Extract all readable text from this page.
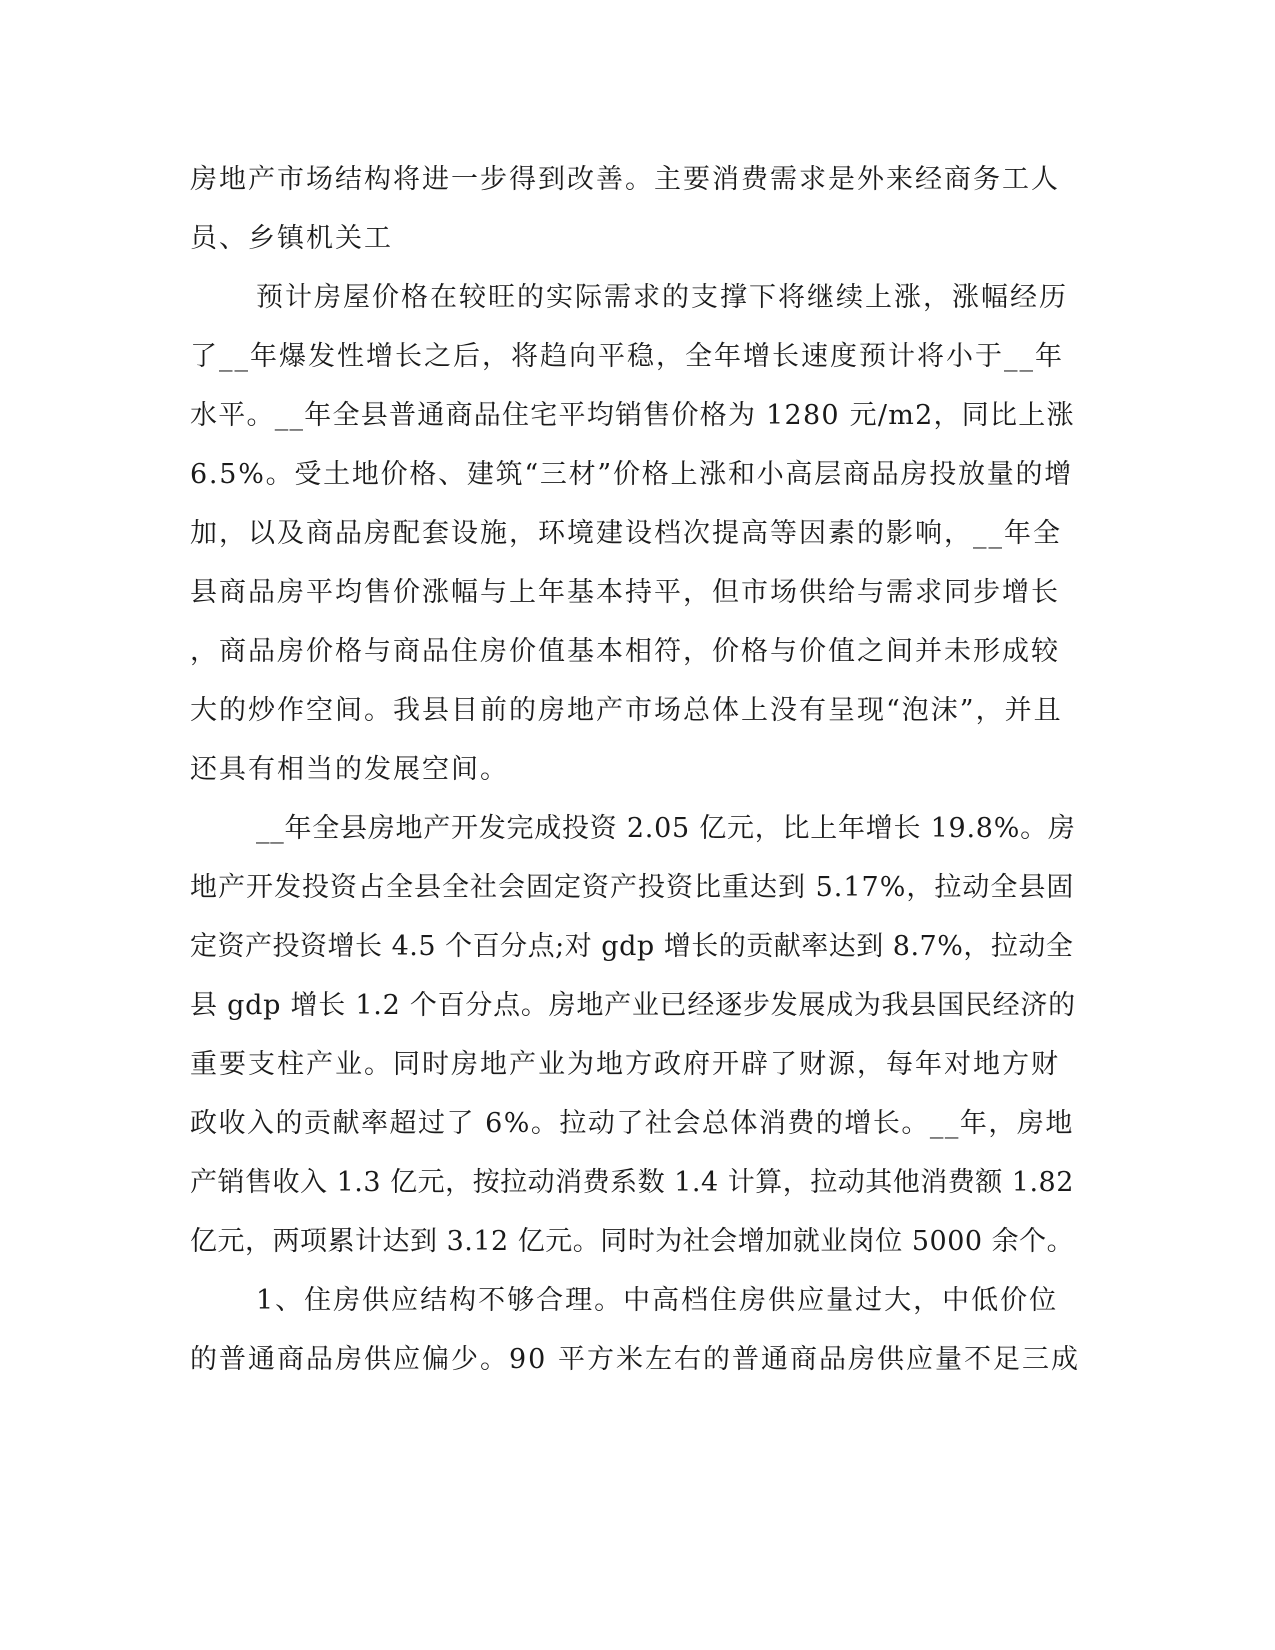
房地产市场结构将进一步得到改善。主要消费需求是外来经商务工人
员、乡镇机关工
预计房屋价格在较旺的实际需求的支撑下将继续上涨，涨幅经历
了__年爆发性增长之后，将趋向平稳，全年增长速度预计将小于__年
水平。__年全县普通商品住宅平均销售价格为 1280 元/m2，同比上涨
6.5%。受土地价格、建筑“三材”价格上涨和小高层商品房投放量的增
加，以及商品房配套设施，环境建设档次提高等因素的影响，__年全
县商品房平均售价涨幅与上年基本持平，但市场供给与需求同步增长
，商品房价格与商品住房价值基本相符，价格与价值之间并未形成较
大的炒作空间。我县目前的房地产市场总体上没有呈现“泡沫”，并且
还具有相当的发展空间。
__年全县房地产开发完成投资 2.05 亿元，比上年增长 19.8%。房
地产开发投资占全县全社会固定资产投资比重达到 5.17%，拉动全县固
定资产投资增长 4.5 个百分点;对 gdp 增长的贡献率达到 8.7%，拉动全
县 gdp 增长 1.2 个百分点。房地产业已经逐步发展成为我县国民经济的
重要支柱产业。同时房地产业为地方政府开辟了财源，每年对地方财
政收入的贡献率超过了 6%。拉动了社会总体消费的增长。__年，房地
产销售收入 1.3 亿元，按拉动消费系数 1.4 计算，拉动其他消费额 1.82
亿元，两项累计达到 3.12 亿元。同时为社会增加就业岗位 5000 余个。
1、住房供应结构不够合理。中高档住房供应量过大，中低价位
的普通商品房供应偏少。90 平方米左右的普通商品房供应量不足三成
